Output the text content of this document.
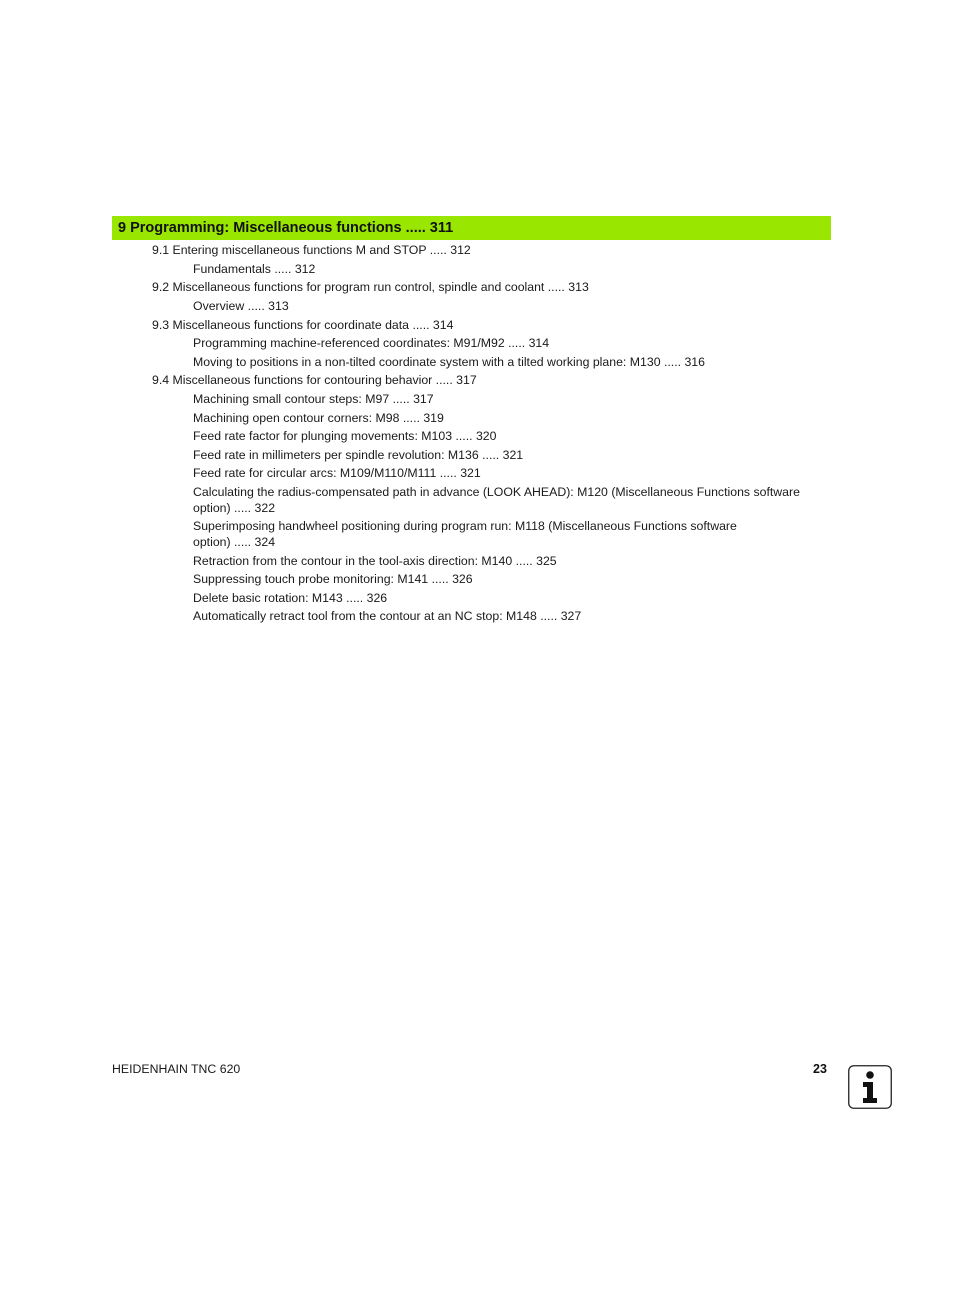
9 Programming: Miscellaneous functions ..... 311
9.1 Entering miscellaneous functions M and STOP ..... 312
Fundamentals ..... 312
9.2 Miscellaneous functions for program run control, spindle and coolant ..... 313
Overview ..... 313
9.3 Miscellaneous functions for coordinate data ..... 314
Programming machine-referenced coordinates: M91/M92 ..... 314
Moving to positions in a non-tilted coordinate system with a tilted working plane: M130 ..... 316
9.4 Miscellaneous functions for contouring behavior ..... 317
Machining small contour steps: M97 ..... 317
Machining open contour corners: M98 ..... 319
Feed rate factor for plunging movements: M103 ..... 320
Feed rate in millimeters per spindle revolution: M136 ..... 321
Feed rate for circular arcs: M109/M110/M111 ..... 321
Calculating the radius-compensated path in advance (LOOK AHEAD): M120 (Miscellaneous Functions software
option) ..... 322
Superimposing handwheel positioning during program run: M118 (Miscellaneous Functions software
option) ..... 324
Retraction from the contour in the tool-axis direction: M140 ..... 325
Suppressing touch probe monitoring: M141 ..... 326
Delete basic rotation: M143 ..... 326
Automatically retract tool from the contour at an NC stop: M148 ..... 327
HEIDENHAIN TNC 620	23
